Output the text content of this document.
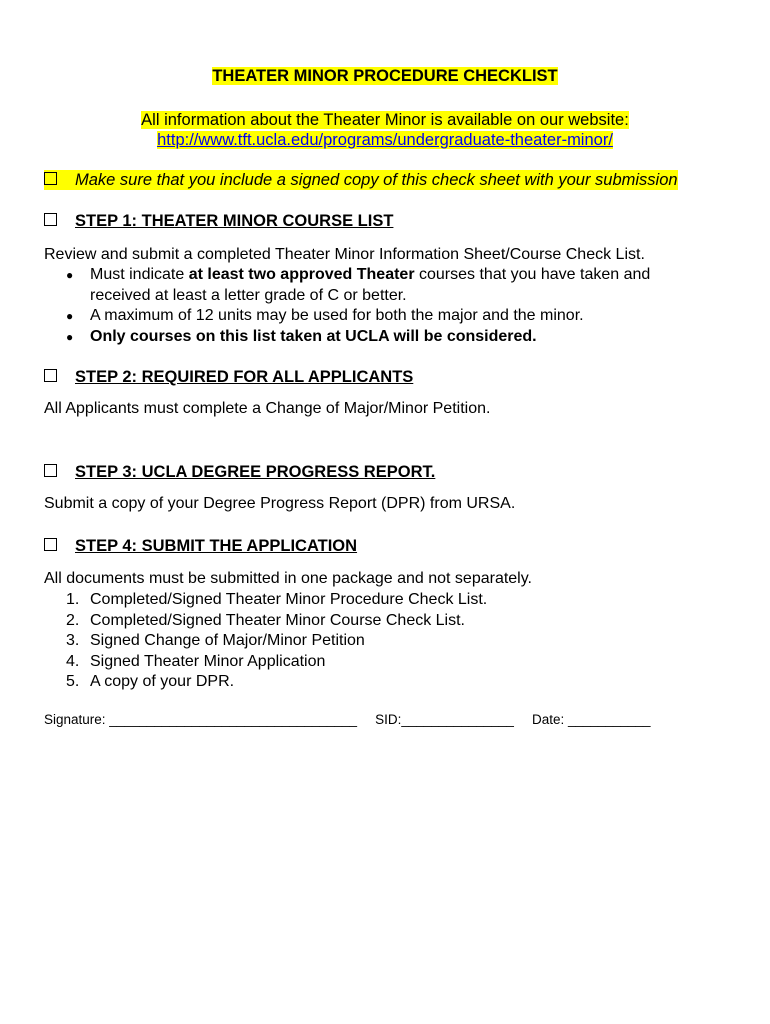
THEATER MINOR PROCEDURE CHECKLIST
All information about the Theater Minor is available on our website:
http://www.tft.ucla.edu/programs/undergraduate-theater-minor/
Make sure that you include a signed copy of this check sheet with your submission
STEP 1: THEATER MINOR COURSE LIST
Review and submit a completed Theater Minor Information Sheet/Course Check List.
● Must indicate at least two approved Theater courses that you have taken and
received at least a letter grade of C or better.
● A maximum of 12 units may be used for both the major and the minor.
● Only courses on this list taken at UCLA will be considered.
STEP 2: REQUIRED FOR ALL APPLICANTS
All Applicants must complete a Change of Major/Minor Petition.
STEP 3: UCLA DEGREE PROGRESS REPORT.
Submit a copy of your Degree Progress Report (DPR) from URSA.
STEP 4: SUBMIT THE APPLICATION
All documents must be submitted in one package and not separately.
1. Completed/Signed Theater Minor Procedure Check List.
2. Completed/Signed Theater Minor Course Check List.
3. Signed Change of Major/Minor Petition
4. Signed Theater Minor Application
5. A copy of your DPR.
Signature: _________________________________ SID:_______________ Date: ___________
